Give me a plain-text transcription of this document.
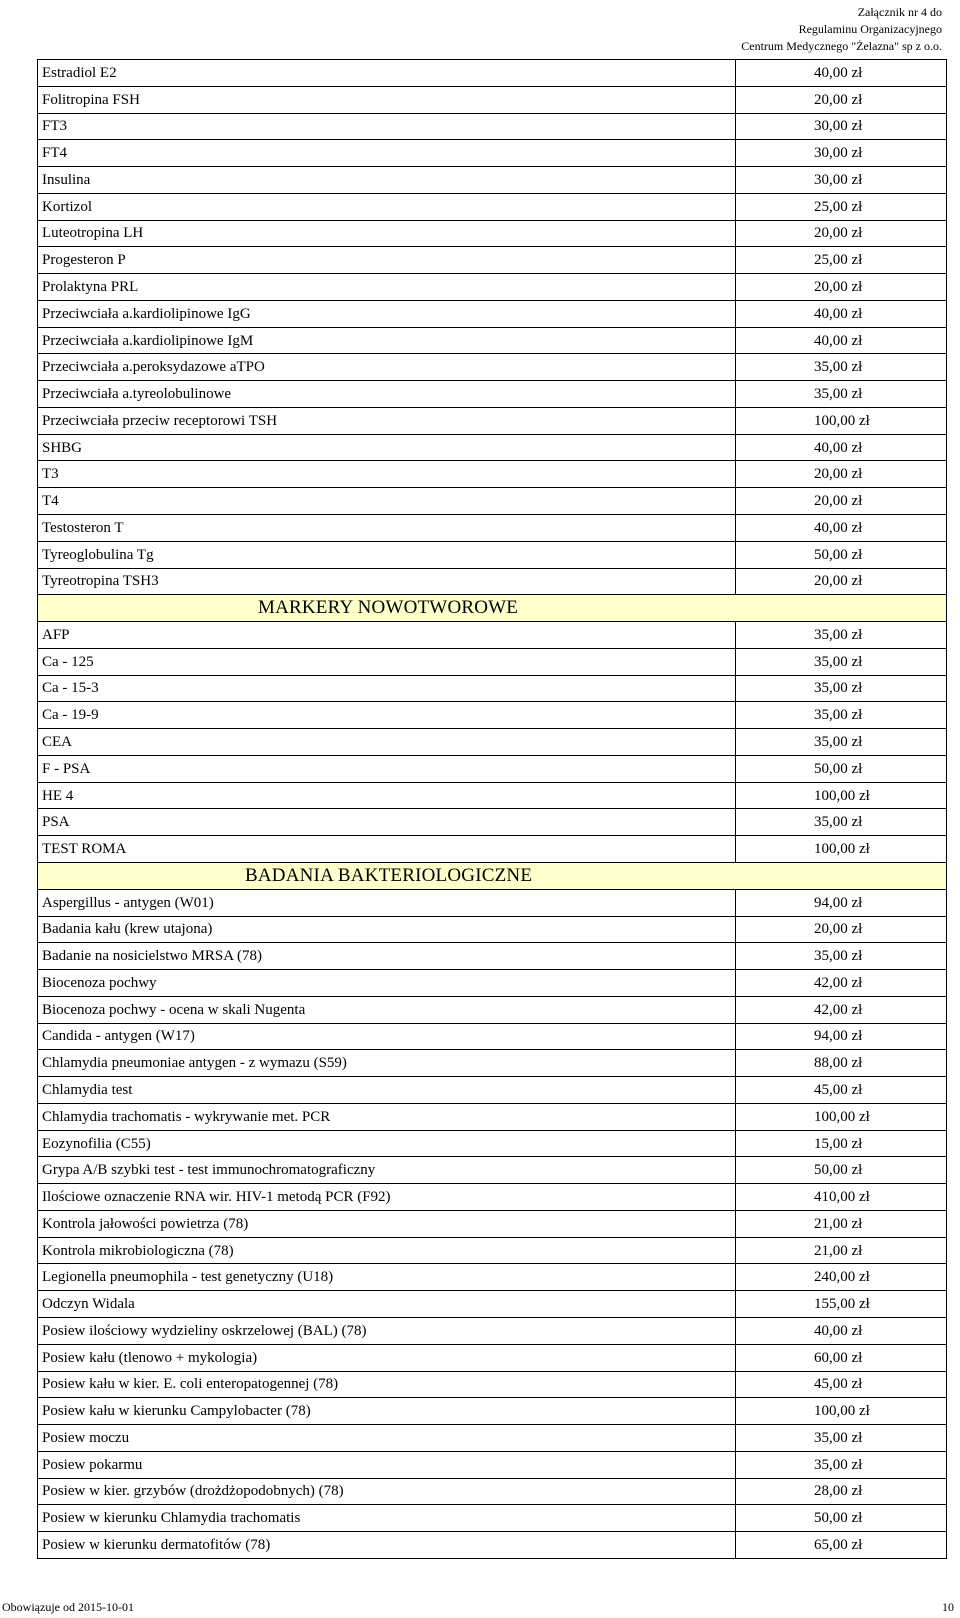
Załącznik nr 4 do
Regulaminu Organizacyjnego
Centrum Medycznego "Żelazna" sp z o.o.
Estradiol E2	40,00 zł
Folitropina FSH	20,00 zł
FT3	30,00 zł
FT4	30,00 zł
Insulina	30,00 zł
Kortizol	25,00 zł
Luteotropina LH	20,00 zł
Progesteron P	25,00 zł
Prolaktyna PRL	20,00 zł
Przeciwciała a.kardiolipinowe IgG	40,00 zł
Przeciwciała a.kardiolipinowe IgM	40,00 zł
Przeciwciała a.peroksydazowe aTPO	35,00 zł
Przeciwciała a.tyreolobulinowe	35,00 zł
Przeciwciała przeciw receptorowi TSH	100,00 zł
SHBG	40,00 zł
T3	20,00 zł
T4	20,00 zł
Testosteron T	40,00 zł
Tyreoglobulina Tg	50,00 zł
Tyreotropina TSH3	20,00 zł
MARKERY NOWOTWOROWE	
AFP	35,00 zł
Ca - 125	35,00 zł
Ca - 15-3	35,00 zł
Ca - 19-9	35,00 zł
CEA	35,00 zł
F - PSA	50,00 zł
HE 4	100,00 zł
PSA	35,00 zł
TEST ROMA	100,00 zł
BADANIA BAKTERIOLOGICZNE	
Aspergillus - antygen (W01)	94,00 zł
Badania kału (krew utajona)	20,00 zł
Badanie na nosicielstwo MRSA (78)	35,00 zł
Biocenoza pochwy	42,00 zł
Biocenoza pochwy - ocena w skali Nugenta	42,00 zł
Candida - antygen (W17)	94,00 zł
Chlamydia pneumoniae antygen - z wymazu (S59)	88,00 zł
Chlamydia test	45,00 zł
Chlamydia trachomatis - wykrywanie met. PCR	100,00 zł
Eozynofilia (C55)	15,00 zł
Grypa A/B szybki test - test immunochromatograficzny	50,00 zł
Ilościowe oznaczenie RNA wir. HIV-1 metodą PCR (F92)	410,00 zł
Kontrola jałowości powietrza (78)	21,00 zł
Kontrola mikrobiologiczna (78)	21,00 zł
Legionella pneumophila - test genetyczny (U18)	240,00 zł
Odczyn Widala	155,00 zł
Posiew ilościowy wydzieliny oskrzelowej (BAL) (78)	40,00 zł
Posiew kału (tlenowo + mykologia)	60,00 zł
Posiew kału w kier. E. coli enteropatogennej (78)	45,00 zł
Posiew kału w kierunku Campylobacter (78)	100,00 zł
Posiew moczu	35,00 zł
Posiew pokarmu	35,00 zł
Posiew w kier. grzybów (drożdżopodobnych) (78)	28,00 zł
Posiew w kierunku Chlamydia trachomatis	50,00 zł
Posiew w kierunku dermatofitów (78)	65,00 zł
Obowiązuje od 2015-10-01	10
